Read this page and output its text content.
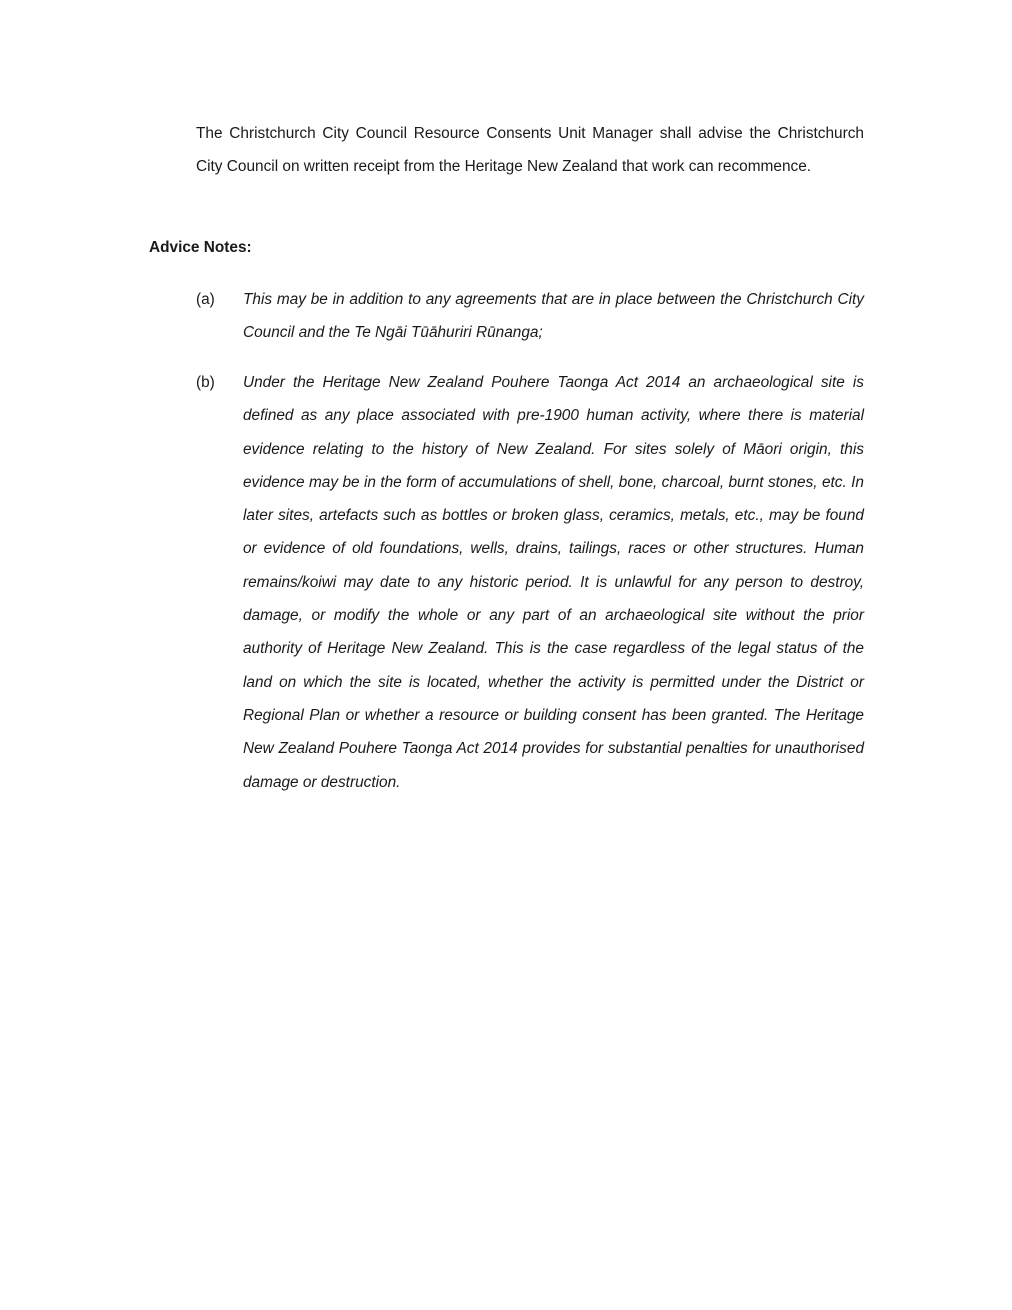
The Christchurch City Council Resource Consents Unit Manager shall advise the Christchurch City Council on written receipt from the Heritage New Zealand that work can recommence.

Advice Notes:

(a) This may be in addition to any agreements that are in place between the Christchurch City Council and the Te Ngāi Tūāhuriri Rūnanga;

(b) Under the Heritage New Zealand Pouhere Taonga Act 2014 an archaeological site is defined as any place associated with pre-1900 human activity, where there is material evidence relating to the history of New Zealand. For sites solely of Māori origin, this evidence may be in the form of accumulations of shell, bone, charcoal, burnt stones, etc. In later sites, artefacts such as bottles or broken glass, ceramics, metals, etc., may be found or evidence of old foundations, wells, drains, tailings, races or other structures. Human remains/koiwi may date to any historic period. It is unlawful for any person to destroy, damage, or modify the whole or any part of an archaeological site without the prior authority of Heritage New Zealand. This is the case regardless of the legal status of the land on which the site is located, whether the activity is permitted under the District or Regional Plan or whether a resource or building consent has been granted. The Heritage New Zealand Pouhere Taonga Act 2014 provides for substantial penalties for unauthorised damage or destruction.
